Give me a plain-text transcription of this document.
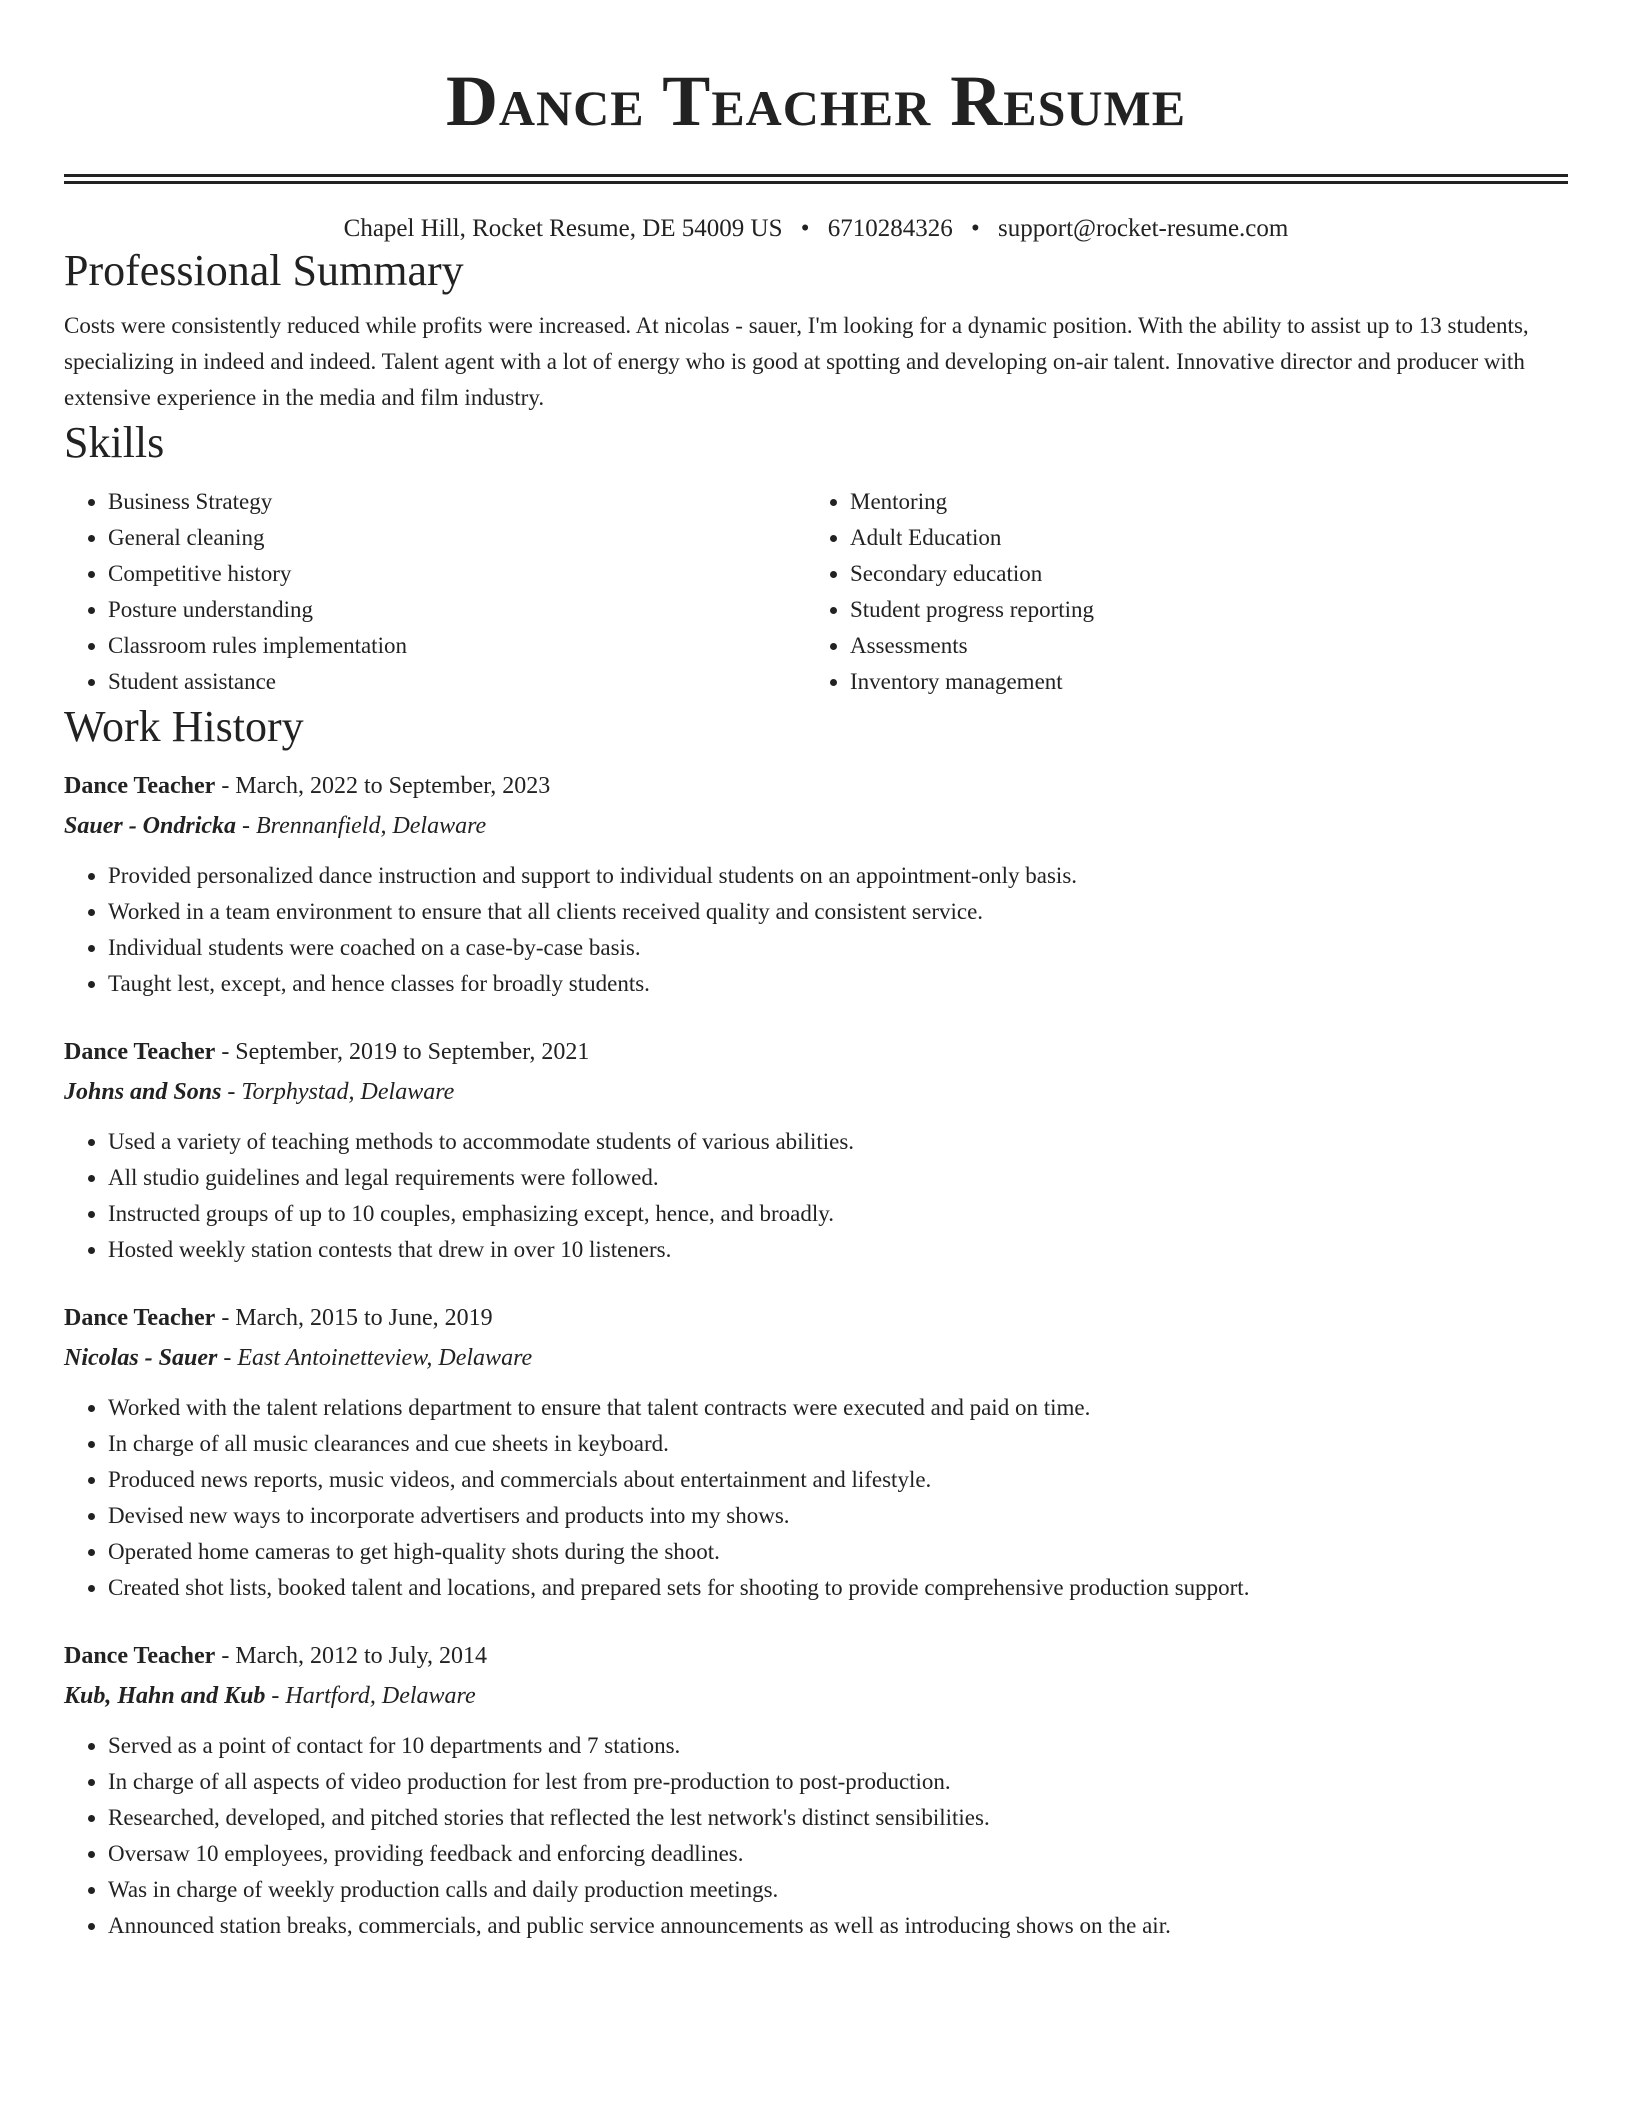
Dance Teacher Resume
Chapel Hill, Rocket Resume, DE 54009 US • 6710284326 • support@rocket-resume.com
Professional Summary

Costs were consistently reduced while profits were increased. At nicolas - sauer, I'm looking for a dynamic position. With the ability to assist up to 13 students, specializing in indeed and indeed. Talent agent with a lot of energy who is good at spotting and developing on-air talent. Innovative director and producer with extensive experience in the media and film industry.

Skills
• Business Strategy
• General cleaning
• Competitive history
• Posture understanding
• Classroom rules implementation
• Student assistance
• Mentoring
• Adult Education
• Secondary education
• Student progress reporting
• Assessments
• Inventory management
Work History
Dance Teacher - March, 2022 to September, 2023
Sauer - Ondricka - Brennanfield, Delaware
• Provided personalized dance instruction and support to individual students on an appointment-only basis.
• Worked in a team environment to ensure that all clients received quality and consistent service.
• Individual students were coached on a case-by-case basis.
• Taught lest, except, and hence classes for broadly students.
Dance Teacher - September, 2019 to September, 2021
Johns and Sons - Torphystad, Delaware
• Used a variety of teaching methods to accommodate students of various abilities.
• All studio guidelines and legal requirements were followed.
• Instructed groups of up to 10 couples, emphasizing except, hence, and broadly.
• Hosted weekly station contests that drew in over 10 listeners.
Dance Teacher - March, 2015 to June, 2019
Nicolas - Sauer - East Antoinetteview, Delaware
• Worked with the talent relations department to ensure that talent contracts were executed and paid on time.
• In charge of all music clearances and cue sheets in keyboard.
• Produced news reports, music videos, and commercials about entertainment and lifestyle.
• Devised new ways to incorporate advertisers and products into my shows.
• Operated home cameras to get high-quality shots during the shoot.
• Created shot lists, booked talent and locations, and prepared sets for shooting to provide comprehensive production support.
Dance Teacher - March, 2012 to July, 2014
Kub, Hahn and Kub - Hartford, Delaware
• Served as a point of contact for 10 departments and 7 stations.
• In charge of all aspects of video production for lest from pre-production to post-production.
• Researched, developed, and pitched stories that reflected the lest network's distinct sensibilities.
• Oversaw 10 employees, providing feedback and enforcing deadlines.
• Was in charge of weekly production calls and daily production meetings.
• Announced station breaks, commercials, and public service announcements as well as introducing shows on the air.
